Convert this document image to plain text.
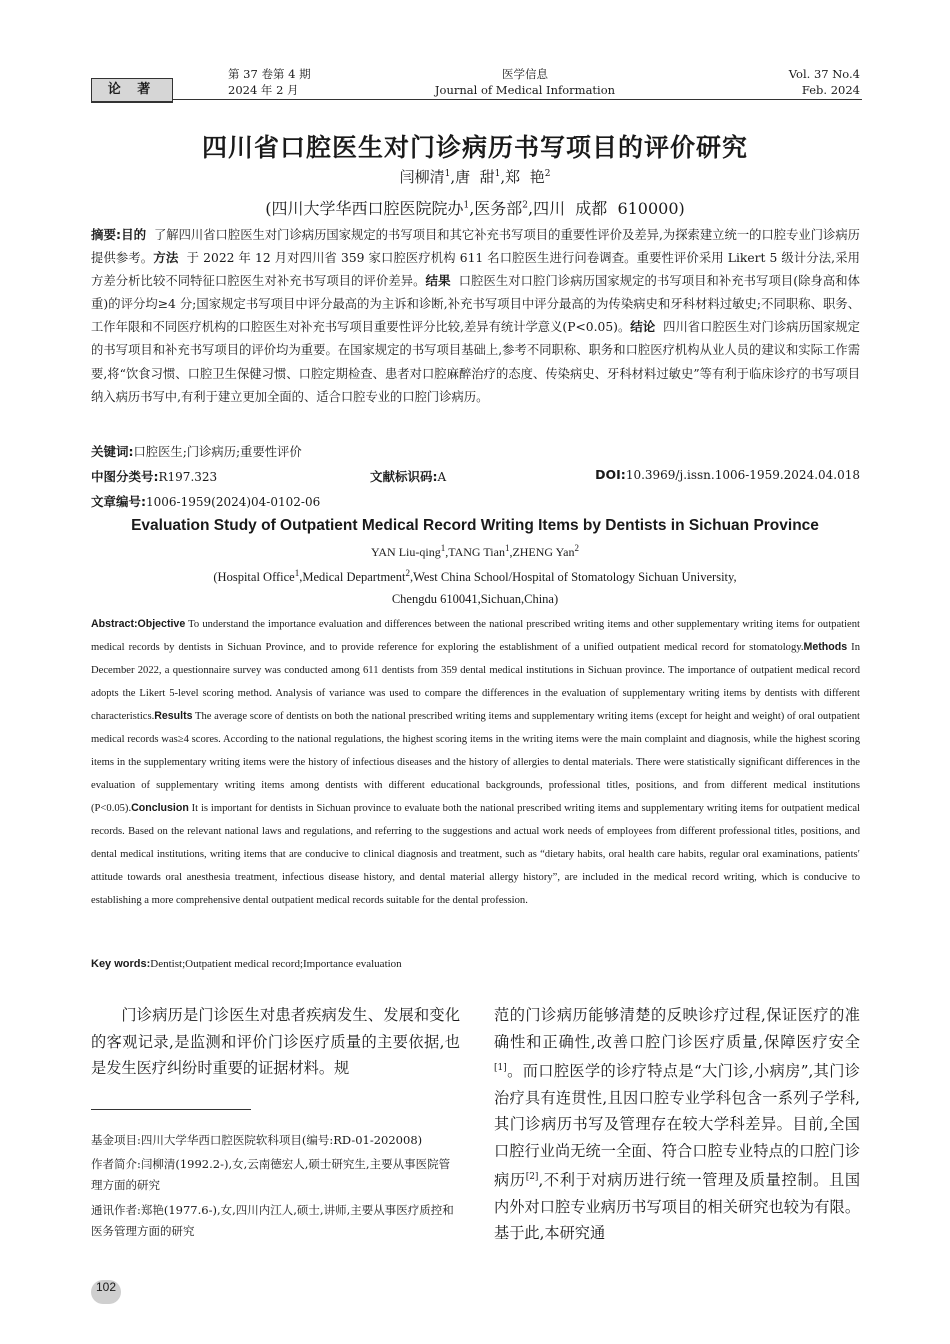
论 著
第 37 卷第 4 期
2024 年 2 月
医学信息
Journal of Medical Information
Vol. 37 No.4
Feb. 2024
四川省口腔医生对门诊病历书写项目的评价研究
闫柳清$^1$,唐  甜$^1$,郑  艳$^2$
(四川大学华西口腔医院院办$^1$,医务部$^2$,四川  成都  610000)
摘要:目的 了解四川省口腔医生对门诊病历国家规定的书写项目和其它补充书写项目的重要性评价及差异,为探索建立统一的口腔专业门诊病历提供参考。方法 于 2022 年 12 月对四川省 359 家口腔医疗机构 611 名口腔医生进行问卷调查。重要性评价采用 Likert 5 级计分法,采用方差分析比较不同特征口腔医生对补充书写项目的评价差异。结果 口腔医生对口腔门诊病历国家规定的书写项目和补充书写项目(除身高和体重)的评分均≥4 分;国家规定书写项目中评分最高的为主诉和诊断,补充书写项目中评分最高的为传染病史和牙科材料过敏史;不同职称、职务、工作年限和不同医疗机构的口腔医生对补充书写项目重要性评分比较,差异有统计学意义(P<0.05)。结论 四川省口腔医生对门诊病历国家规定的书写项目和补充书写项目的评价均为重要。在国家规定的书写项目基础上,参考不同职称、职务和口腔医疗机构从业人员的建议和实际工作需要,将“饮食习惯、口腔卫生保健习惯、口腔定期检查、患者对口腔麻醉治疗的态度、传染病史、牙科材料过敏史”等有利于临床诊疗的书写项目纳入病历书写中,有利于建立更加全面的、适合口腔专业的口腔门诊病历。
关键词:口腔医生;门诊病历;重要性评价
中图分类号:R197.323	文献标识码:A	DOI:10.3969/j.issn.1006-1959.2024.04.018
文章编号:1006-1959(2024)04-0102-06
Evaluation Study of Outpatient Medical Record Writing Items by Dentists in Sichuan Province
YAN Liu-qing$^1$,TANG Tian$^1$,ZHENG Yan$^2$
(Hospital Office$^1$,Medical Department$^2$,West China School/Hospital of Stomatology Sichuan University,
Chengdu 610041,Sichuan,China)
Abstract:Objective To understand the importance evaluation and differences between the national prescribed writing items and other supplementary writing items for outpatient medical records by dentists in Sichuan Province, and to provide reference for exploring the establishment of a unified outpatient medical record for stomatology.Methods In December 2022, a questionnaire survey was conducted among 611 dentists from 359 dental medical institutions in Sichuan province. The importance of outpatient medical record adopts the Likert 5-level scoring method. Analysis of variance was used to compare the differences in the evaluation of supplementary writing items by dentists with different characteristics.Results The average score of dentists on both the national prescribed writing items and supplementary writing items (except for height and weight) of oral outpatient medical records was≥4 scores. According to the national regulations, the highest scoring items in the writing items were the main complaint and diagnosis, while the highest scoring items in the supplementary writing items were the history of infectious diseases and the history of allergies to dental materials. There were statistically significant differences in the evaluation of supplementary writing items among dentists with different educational backgrounds, professional titles, positions, and from different medical institutions (P<0.05).Conclusion It is important for dentists in Sichuan province to evaluate both the national prescribed writing items and supplementary writing items for outpatient medical records. Based on the relevant national laws and regulations, and referring to the suggestions and actual work needs of employees from different professional titles, positions, and dental medical institutions, writing items that are conducive to clinical diagnosis and treatment, such as “dietary habits, oral health care habits, regular oral examinations, patients′ attitude towards oral anesthesia treatment, infectious disease history, and dental material allergy history”, are included in the medical record writing, which is conducive to establishing a more comprehensive dental outpatient medical records suitable for the dental profession.
Key words:Dentist;Outpatient medical record;Importance evaluation
门诊病历是门诊医生对患者疾病发生、发展和变化的客观记录,是监测和评价门诊医疗质量的主要依据,也是发生医疗纠纷时重要的证据材料。规
范的门诊病历能够清楚的反映诊疗过程,保证医疗的准确性和正确性,改善口腔门诊医疗质量,保障医疗安全[1]。而口腔医学的诊疗特点是“大门诊,小病房”,其门诊治疗具有连贯性,且因口腔专业学科包含一系列子学科,其门诊病历书写及管理存在较大学科差异。目前,全国口腔行业尚无统一全面、符合口腔专业特点的口腔门诊病历[2],不利于对病历进行统一管理及质量控制。且国内外对口腔专业病历书写项目的相关研究也较为有限。基于此,本研究通
基金项目:四川大学华西口腔医院软科项目(编号:RD-01-202008)
作者简介:闫柳清(1992.2-),女,云南德宏人,硕士研究生,主要从事医院管理方面的研究
通讯作者:郑艳(1977.6-),女,四川内江人,硕士,讲师,主要从事医疗质控和医务管理方面的研究
102
